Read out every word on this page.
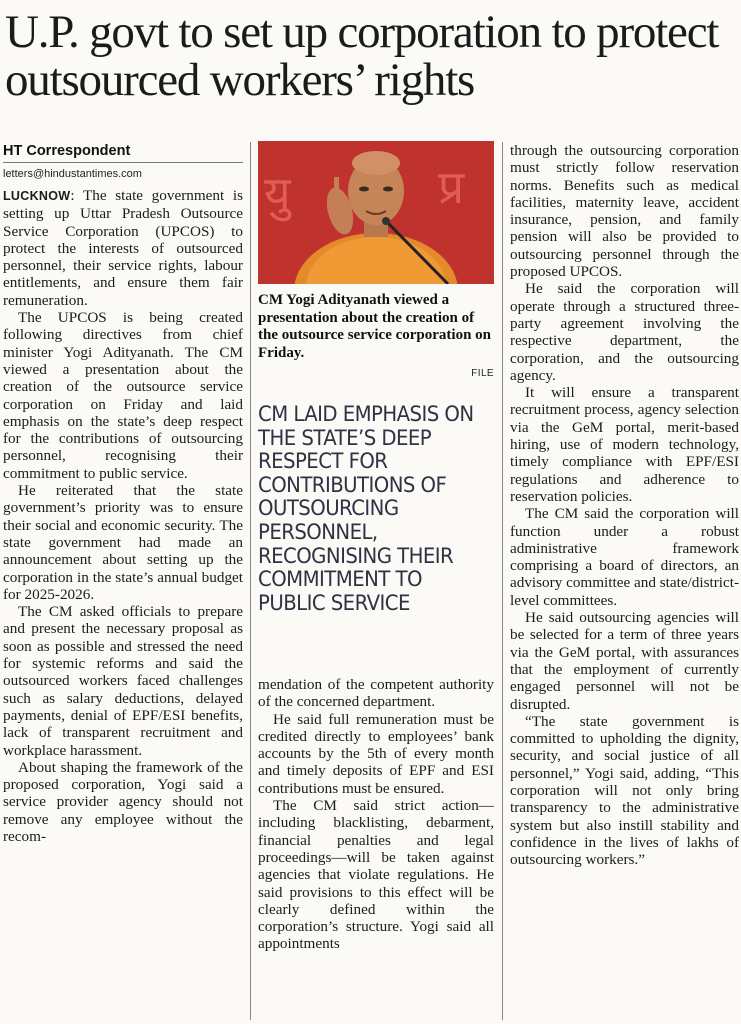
U.P. govt to set up corporation to protect outsourced workers’ rights
HT Correspondent
letters@hindustantimes.com

LUCKNOW: The state government is setting up Uttar Pradesh Outsource Service Corporation (UPCOS) to protect the interests of outsourced personnel, their service rights, labour entitlements, and ensure them fair remuneration.

The UPCOS is being created following directives from chief minister Yogi Adityanath. The CM viewed a presentation about the creation of the outsource service corporation on Friday and laid emphasis on the state’s deep respect for the contributions of outsourcing personnel, recognising their commitment to public service.

He reiterated that the state government’s priority was to ensure their social and economic security. The state government had made an announcement about setting up the corporation in the state’s annual budget for 2025-2026.

The CM asked officials to prepare and present the necessary proposal as soon as possible and stressed the need for systemic reforms and said the outsourced workers faced challenges such as salary deductions, delayed payments, denial of EPF/ESI benefits, lack of transparent recruitment and workplace harassment.

About shaping the framework of the proposed corporation, Yogi said a service provider agency should not remove any employee without the recom-

यु	प्र
CM Yogi Adityanath viewed a presentation about the creation of the outsource service corporation on Friday.
FILE
CM LAID EMPHASIS ON THE STATE’S DEEP RESPECT FOR CONTRIBUTIONS OF OUTSOURCING PERSONNEL, RECOGNISING THEIR COMMITMENT TO PUBLIC SERVICE

mendation of the competent authority of the concerned department.

He said full remuneration must be credited directly to employees’ bank accounts by the 5th of every month and timely deposits of EPF and ESI contributions must be ensured.

The CM said strict action—including blacklisting, debarment, financial penalties and legal proceedings—will be taken against agencies that violate regulations. He said provisions to this effect will be clearly defined within the corporation’s structure. Yogi said all appointments

through the outsourcing corporation must strictly follow reservation norms. Benefits such as medical facilities, maternity leave, accident insurance, pension, and family pension will also be provided to outsourcing personnel through the proposed UPCOS.

He said the corporation will operate through a structured three-party agreement involving the respective department, the corporation, and the outsourcing agency.

It will ensure a transparent recruitment process, agency selection via the GeM portal, merit-based hiring, use of modern technology, timely compliance with EPF/ESI regulations and adherence to reservation policies.

The CM said the corporation will function under a robust administrative framework comprising a board of directors, an advisory committee and state/district-level committees.

He said outsourcing agencies will be selected for a term of three years via the GeM portal, with assurances that the employment of currently engaged personnel will not be disrupted.

“The state government is committed to upholding the dignity, security, and social justice of all personnel,” Yogi said, adding, “This corporation will not only bring transparency to the administrative system but also instill stability and confidence in the lives of lakhs of outsourcing workers.”
